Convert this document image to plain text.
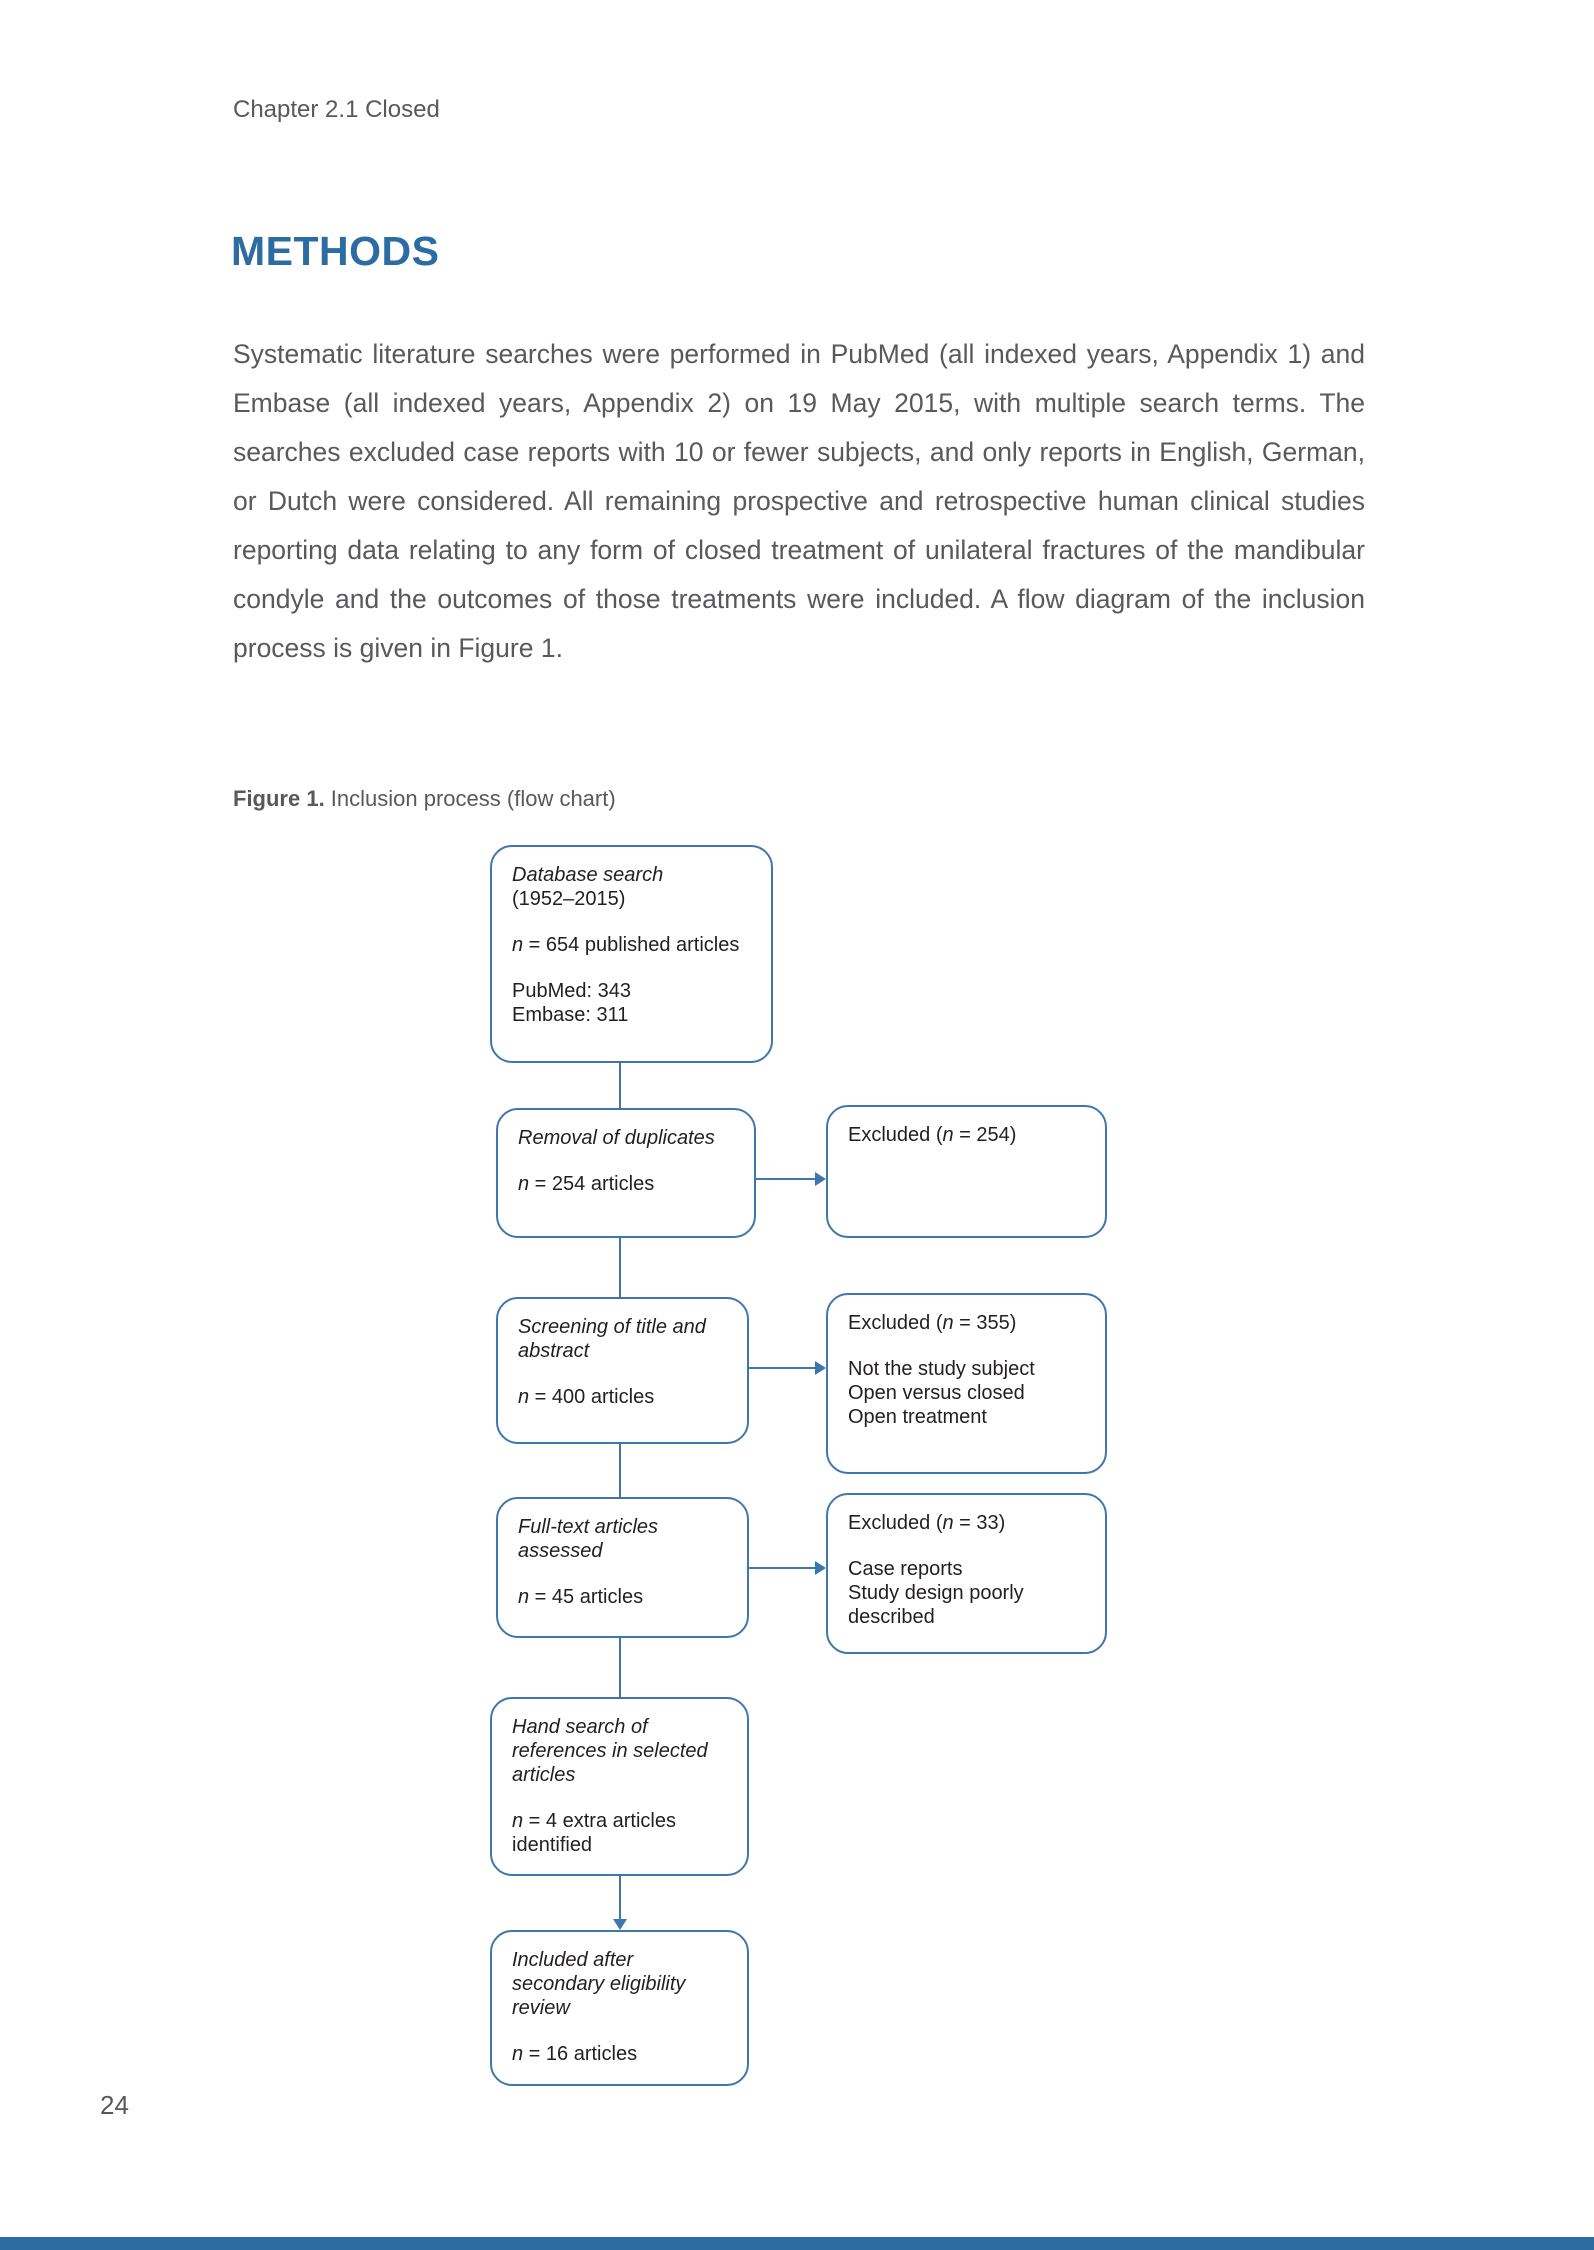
Chapter 2.1 Closed
METHODS

Systematic literature searches were performed in PubMed (all indexed years, Appendix 1) and Embase (all indexed years, Appendix 2) on 19 May 2015, with multiple search terms. The searches excluded case reports with 10 or fewer subjects, and only reports in English, German, or Dutch were considered. All remaining prospective and retrospective human clinical studies reporting data relating to any form of closed treatment of unilateral fractures of the mandibular condyle and the outcomes of those treatments were included. A flow diagram of the inclusion process is given in Figure 1.

Figure 1. Inclusion process (flow chart)
Database search
(1952–2015)
n = 654 published articles
PubMed: 343
Embase: 311
Removal of duplicates
n = 254 articles
Excluded (n = 254)
Screening of title and abstract
n = 400 articles
Excluded (n = 355)
Not the study subject
Open versus closed
Open treatment
Full-text articles assessed
n = 45 articles
Excluded (n = 33)
Case reports
Study design poorly described
Hand search of references in selected articles
n = 4 extra articles identified
Included after secondary eligibility review
n = 16 articles
24
